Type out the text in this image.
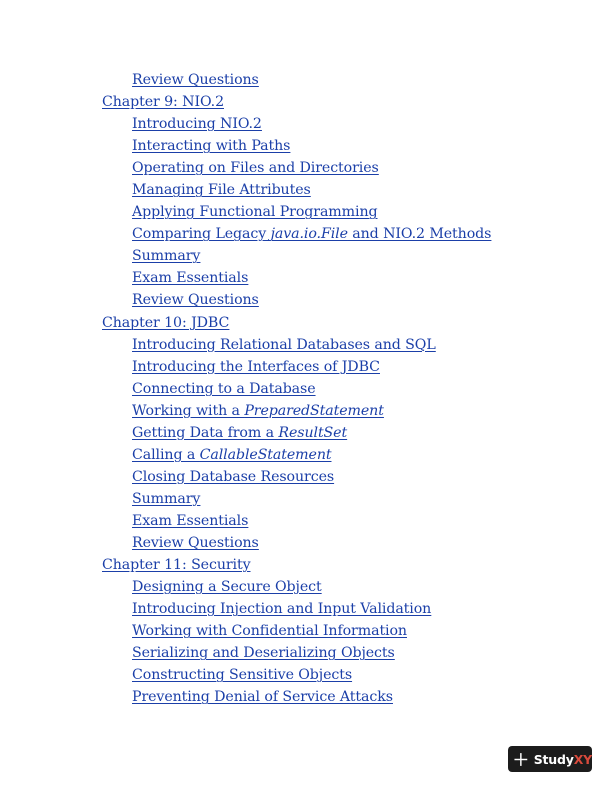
Review Questions
Chapter 9: NIO.2
Introducing NIO.2
Interacting with Paths
Operating on Files and Directories
Managing File Attributes
Applying Functional Programming
Comparing Legacy java.io.File and NIO.2 Methods
Summary
Exam Essentials
Review Questions
Chapter 10: JDBC
Introducing Relational Databases and SQL
Introducing the Interfaces of JDBC
Connecting to a Database
Working with a PreparedStatement
Getting Data from a ResultSet
Calling a CallableStatement
Closing Database Resources
Summary
Exam Essentials
Review Questions
Chapter 11: Security
Designing a Secure Object
Introducing Injection and Input Validation
Working with Confidential Information
Serializing and Deserializing Objects
Constructing Sensitive Objects
Preventing Denial of Service Attacks
StudyXY
